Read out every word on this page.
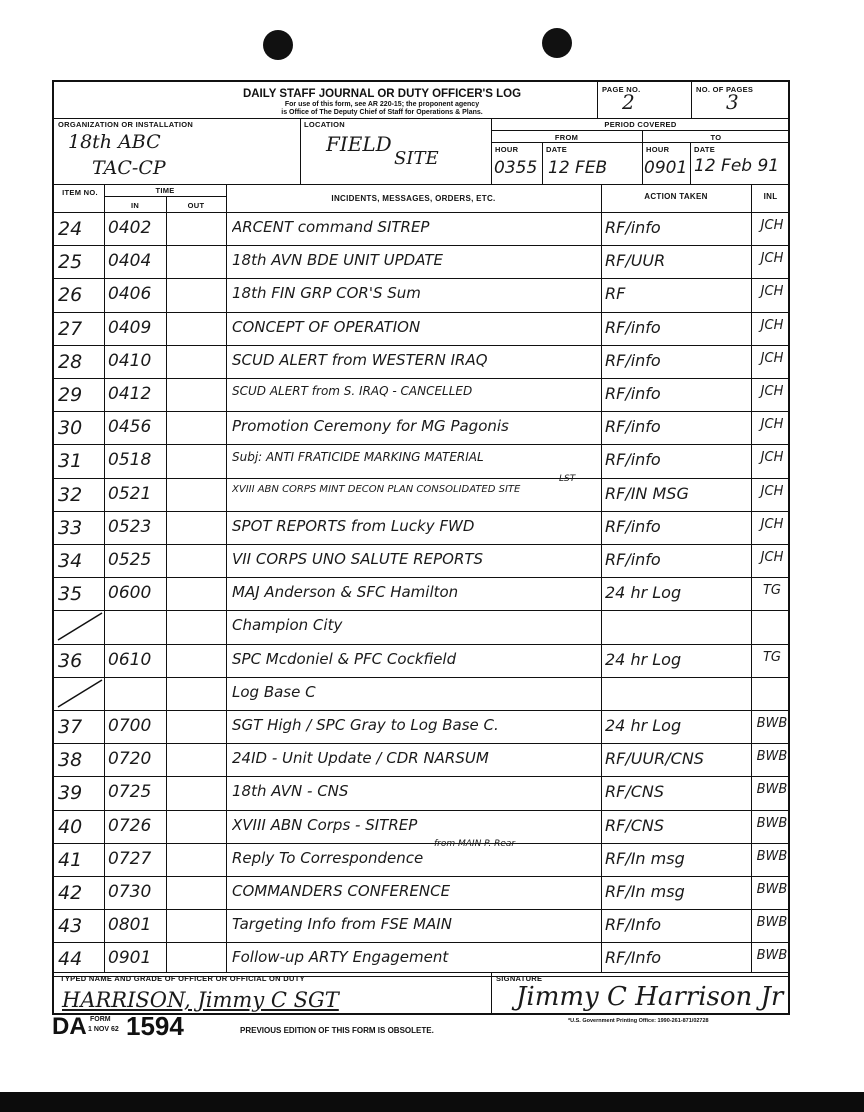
DAILY STAFF JOURNAL OR DUTY OFFICER'S LOG
For use of this form, see AR 220-15; the proponent agency
is Office of The Deputy Chief of Staff for Operations & Plans.
PAGE NO.
2
NO. OF PAGES
3
ORGANIZATION OR INSTALLATION
18th ABC
TAC-CP
LOCATION
FIELD
SITE
PERIOD COVERED
FROM	TO
HOUR	DATE	HOUR	DATE
0355 12 FEB 0901 12 Feb 91
ITEM NO.	TIME
IN	OUT
INCIDENTS, MESSAGES, ORDERS, ETC.	ACTION TAKEN	INL
24	0402	ARCENT command SITREP	RF/info	JCH
25	0404	18th AVN BDE UNIT UPDATE	RF/UUR	JCH
26	0406	18th FIN GRP COR'S Sum	RF	JCH
27	0409	CONCEPT OF OPERATION	RF/info	JCH
28	0410	SCUD ALERT from WESTERN IRAQ	RF/info	JCH
29	0412	SCUD ALERT from S. IRAQ - CANCELLED	RF/info	JCH
30	0456	Promotion Ceremony for MG Pagonis	RF/info	JCH
31	0518	Subj: ANTI FRATICIDE MARKING MATERIAL	RF/info	JCH
32	0521	XVIII ABN CORPS MINT DECON PLAN CONSOLIDATED SITE	RF/IN MSG	JCH
LST
33	0523	SPOT REPORTS from Lucky FWD	RF/info	JCH
34	0525	VII CORPS UNO SALUTE REPORTS	RF/info	JCH
35	0600	MAJ Anderson & SFC Hamilton	24 hr Log	TG
Champion City
36	0610	SPC Mcdoniel & PFC Cockfield	24 hr Log	TG
Log Base C
37	0700	SGT High / SPC Gray to Log Base C.	24 hr Log	BWB
38	0720	24ID - Unit Update / CDR NARSUM	RF/UUR/CNS	BWB
39	0725	18th AVN - CNS	RF/CNS	BWB
40	0726	XVIII ABN Corps - SITREP	RF/CNS	BWB
41	0727	Reply To Correspondence	RF/In msg	BWB
from MAIN P. Rear
42	0730	COMMANDERS CONFERENCE	RF/In msg	BWB
43	0801	Targeting Info from FSE MAIN	RF/Info	BWB
44	0901	Follow-up ARTY Engagement	RF/Info	BWB
TYPED NAME AND GRADE OF OFFICER OR OFFICIAL ON DUTY
HARRISON, Jimmy C SGT
SIGNATURE
Jimmy C Harrison Jr
DA FORM
1 NOV 62 1594	PREVIOUS EDITION OF THIS FORM IS OBSOLETE.
*U.S. Government Printing Office: 1990-261-871/02728
